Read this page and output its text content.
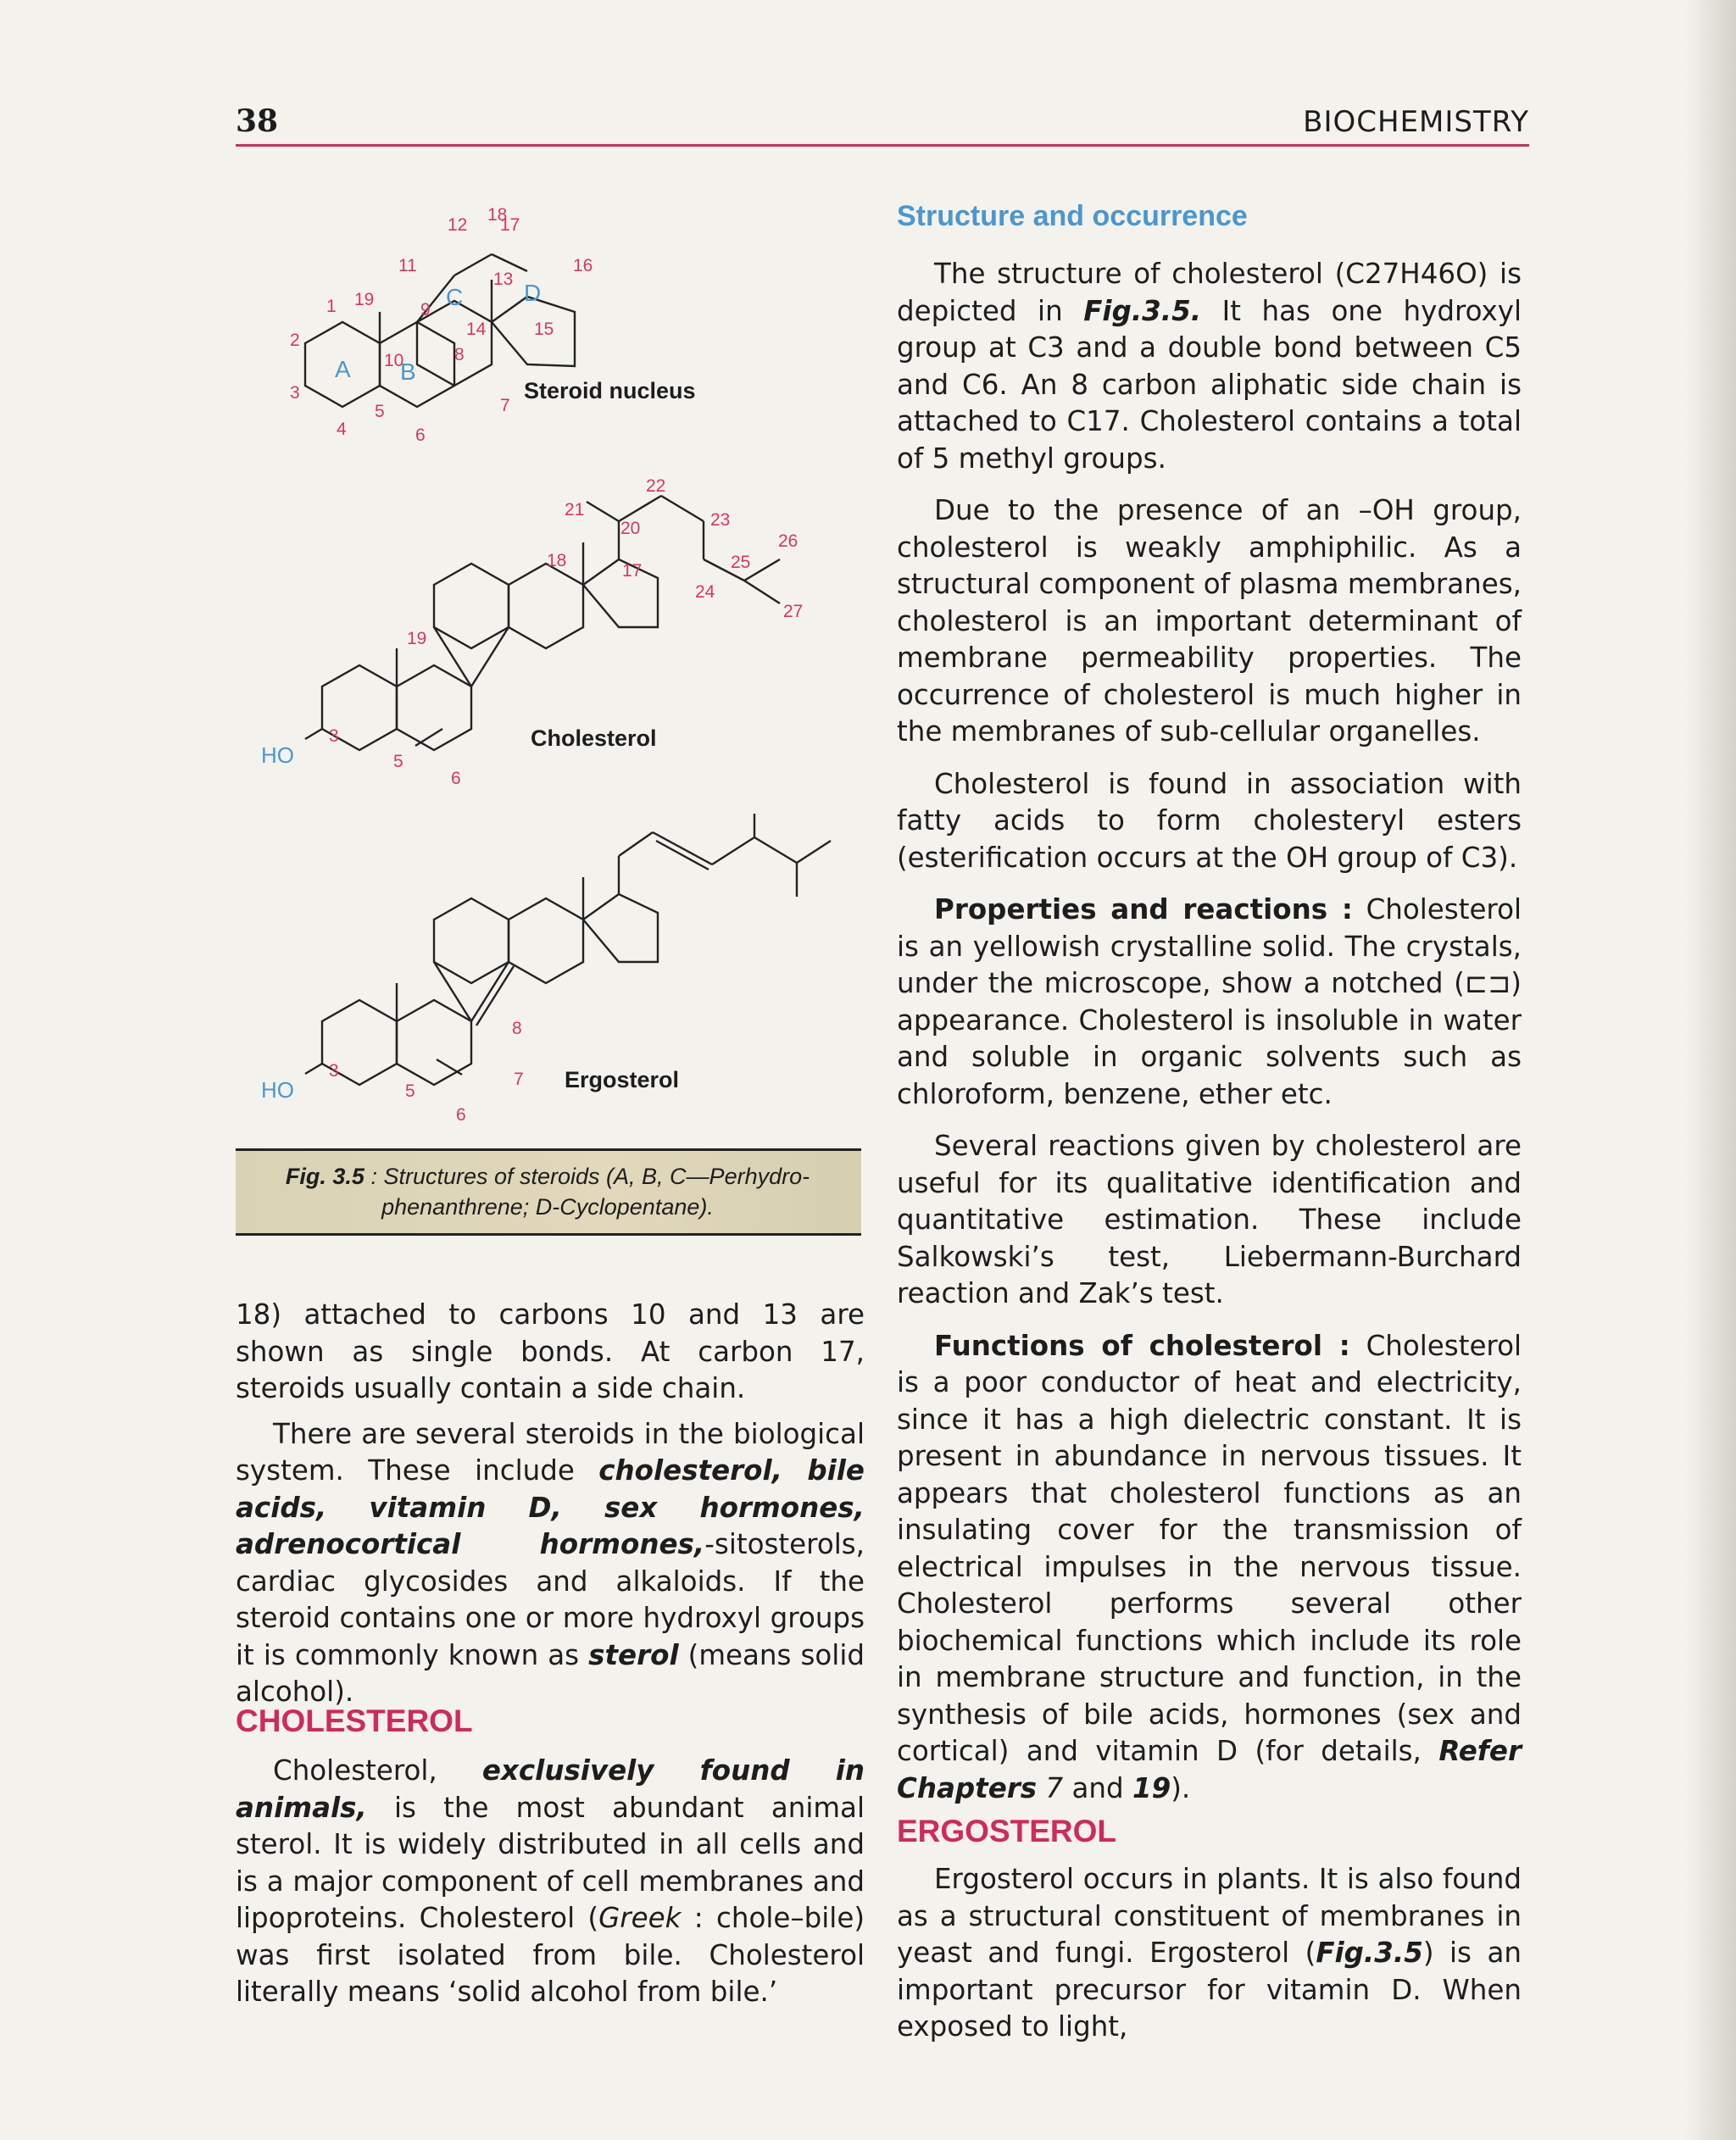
38	BIOCHEMISTRY
18
12 17
11	16
19
1	9
13
14	15
2
10	8
3
5	7
4	6
22
21
20	23
26
18
17	25
24
27
19
3
5
6
8
3
5
7
6
A B
C	D
HO
HO
Steroid nucleus
Cholesterol
Ergosterol
Fig. 3.5 : Structures of steroids (A, B, C—Perhydro-phenanthrene; D-Cyclopentane).

18) attached to carbons 10 and 13 are shown as single bonds. At carbon 17, steroids usually contain a side chain.

There are several steroids in the biological system. These include cholesterol, bile acids, vitamin D, sex hormones, adrenocortical hormones,-sitosterols, cardiac glycosides and alkaloids. If the steroid contains one or more hydroxyl groups it is commonly known as sterol (means solid alcohol).

CHOLESTEROL

Cholesterol, exclusively found in animals, is the most abundant animal sterol. It is widely distributed in all cells and is a major component of cell membranes and lipoproteins. Cholesterol (Greek : chole–bile) was first isolated from bile. Cholesterol literally means ‘solid alcohol from bile.’

Structure and occurrence

The structure of cholesterol (C27H46O) is depicted in Fig.3.5. It has one hydroxyl group at C3 and a double bond between C5 and C6. An 8 carbon aliphatic side chain is attached to C17. Cholesterol contains a total of 5 methyl groups.

Due to the presence of an –OH group, cholesterol is weakly amphiphilic. As a structural component of plasma membranes, cholesterol is an important determinant of membrane permeability properties. The occurrence of cholesterol is much higher in the membranes of sub-cellular organelles.

Cholesterol is found in association with fatty acids to form cholesteryl esters (esterification occurs at the OH group of C3).

Properties and reactions : Cholesterol is an yellowish crystalline solid. The crystals, under the microscope, show a notched (⊏⊐) appearance. Cholesterol is insoluble in water and soluble in organic solvents such as chloroform, benzene, ether etc.

Several reactions given by cholesterol are useful for its qualitative identification and quantitative estimation. These include Salkowski’s test, Liebermann-Burchard reaction and Zak’s test.

Functions of cholesterol : Cholesterol is a poor conductor of heat and electricity, since it has a high dielectric constant. It is present in abundance in nervous tissues. It appears that cholesterol functions as an insulating cover for the transmission of electrical impulses in the nervous tissue. Cholesterol performs several other biochemical functions which include its role in membrane structure and function, in the synthesis of bile acids, hormones (sex and cortical) and vitamin D (for details, Refer Chapters 7 and 19).

ERGOSTEROL

Ergosterol occurs in plants. It is also found as a structural constituent of membranes in yeast and fungi. Ergosterol (Fig.3.5) is an important precursor for vitamin D. When exposed to light,
